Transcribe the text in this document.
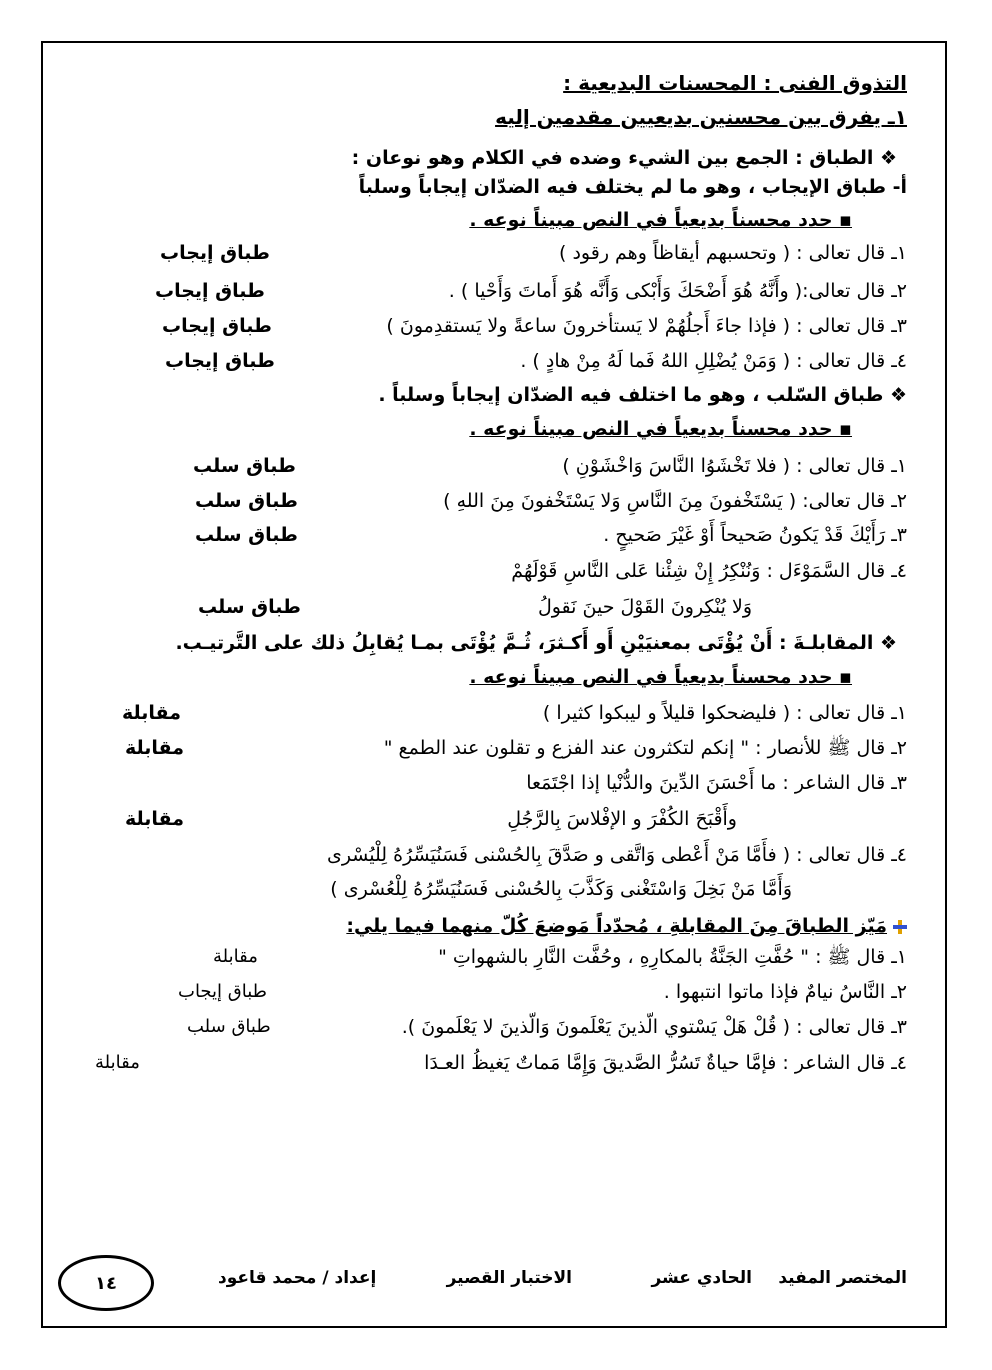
التذوق الفنى : المحسنات البديعية :
١ـ يفرق بين محسنين بديعيين مقدمين إليه
❖ الطباق : الجمع بين الشيء وضده في الكلام وهو نوعان :
أ- طباق الإيجاب ، وهو ما لم يختلف فيه الضدّان إيجاباً وسلباً
▪ حدد محسناً بديعياً في النص مبيناً نوعه .
١ـ قال تعالى : ( وتحسبهم أيقاظاً وهم رقود )
طباق إيجاب
٢ـ قال تعالى:( وأَنَّهُ هُوَ أَضْحَكَ وَأَبْكى وَأَنَّه هُوَ أَماتَ وَأَحْيا ) .
طباق إيجاب
٣ـ قال تعالى : ( فإذا جاءَ أَجلُهُمْ لا يَستأخرونَ ساعةً ولا يَستقدِمونَ )
طباق إيجاب
٤ـ قال تعالى : ( وَمَنْ يُضْلِلِ اللهُ فَما لَهُ مِنْ هادٍ ) .
طباق إيجاب
❖ طباق السّلب ، وهو ما اختلف فيه الضدّان إيجاباً وسلباً .
▪ حدد محسناً بديعياً في النص مبيناً نوعه .
١ـ قال تعالى : ( فلا تَخْشَوُا النَّاسَ وَاخْشَوْنِ )
طباق سلب
٢ـ قال تعالى: ( يَسْتَخْفونَ مِنَ النَّاسِ وَلا يَسْتَخْفونَ مِنَ اللهِ )
طباق سلب
٣ـ رَأَيْكَ قَدْ يَكونُ صَحيحاً أَوْ غَيْرَ صَحيحٍ .
طباق سلب
٤ـ قال السَّمَوْءَل : وَنُنْكِرُ إِنْ شِئْنا عَلى النَّاسِ قَوْلَهُمْ
وَلا يُنْكِرونَ القَوْلَ حينَ نَقولُ
طباق سلب
❖ المقابلـةَ : أَنْ يُؤْتَى بمعنيَيْنِ أَو أَكـثرَ، ثُـمَّ يُؤْتَى بمـا يُقابِلُ ذلك على التَّرتيـب.
▪ حدد محسناً بديعياً في النص مبيناً نوعه .
١ـ قال تعالى : ( فليضحكوا قليلاً و ليبكوا كثيرا )
مقابلة
٢ـ قال ﷺ للأنصار : " إنكم لتكثرون عند الفزع و تقلون عند الطمع "
مقابلة
٣ـ قال الشاعر : ما أَحْسَنَ الدِّينَ والدُّنْيا إذا اجْتَمَعا
وأَقْبَحَ الكُفْرَ و الإفْلاسَ بِالرَّجُلِ
مقابلة
٤ـ قال تعالى : ( فأَمَّا مَنْ أَعْطى وَاتَّقى و صَدَّقَ بِالحُسْنى فَسَنُيَسِّرُهُ لِلْيُسْرى
وَأَمَّا مَنْ بَخِلَ وَاسْتَغْنى وَكَذَّبَ بِالحُسْنى فَسَنُيَسِّرُهُ لِلْعُسْرى )
مَيّز الطباقَ مِنَ المقابلةِ ، مُحدّداً مَوضعَ كُلّ منهما فيما يلي:
١ـ قال ﷺ : " حُفَّتِ الجَنَّةُ بالمكارِهِ ، وحُفَّت النَّارِ بالشهواتِ "
مقابلة
٢ـ النَّاسُ نيامٌ فإذا ماتوا انتبهوا .
طباق إيجاب
٣ـ قال تعالى : ( قُلْ هَلْ يَسْتوي الّذينَ يَعْلَمونَ وَالّذينَ لا يَعْلَمونَ ).
طباق سلب
٤ـ قال الشاعر : فإمَّا حياةٌ تَسُرُّ الصَّديقَ وَإِمَّا مَماتٌ يَغيظُ العـدَا
مقابلة
المختصر المفيد
الحادي عشر
الاختبار القصير
إعداد / محمد قاعود
١٤
